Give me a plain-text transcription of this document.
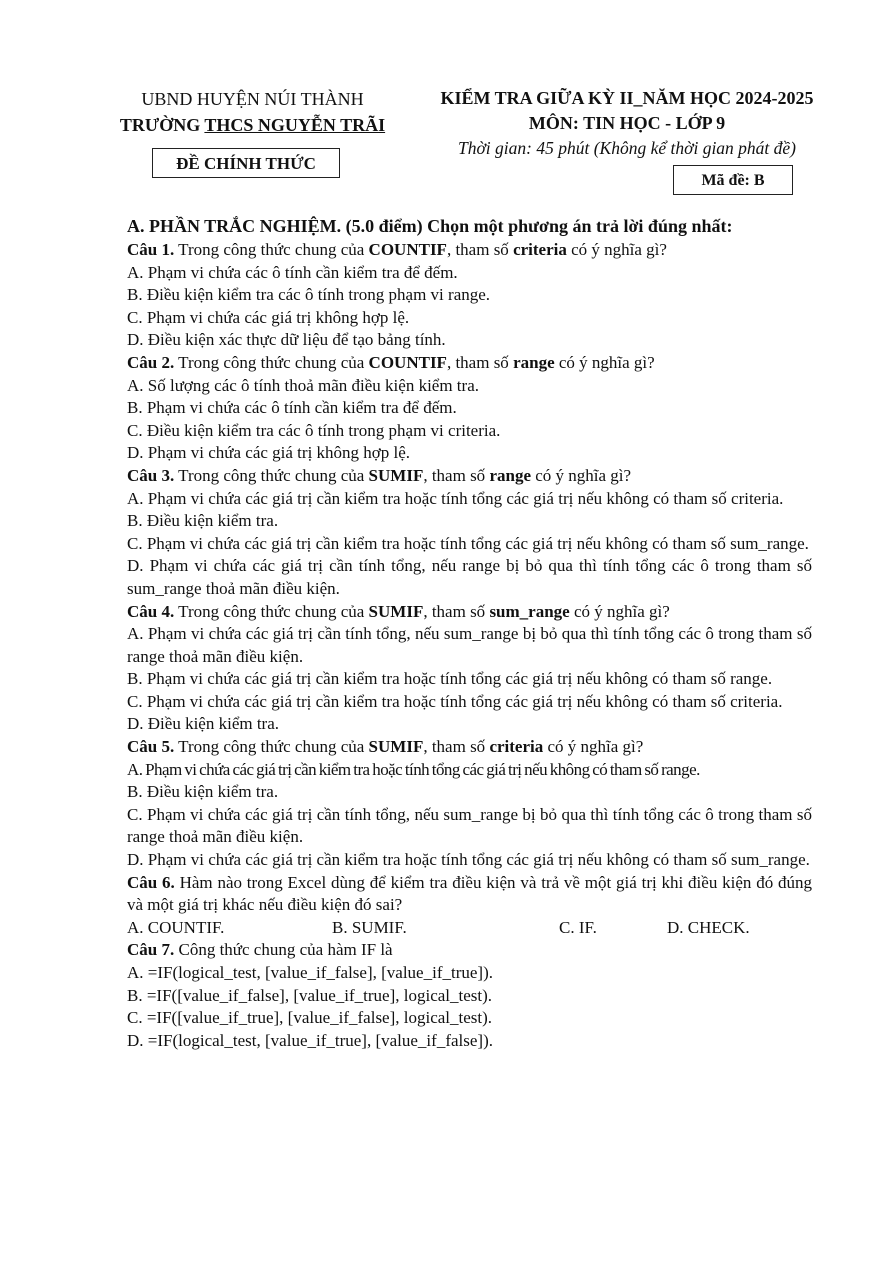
UBND HUYỆN NÚI THÀNH
TRƯỜNG THCS NGUYỄN TRÃI
ĐỀ CHÍNH THỨC
KIỂM TRA GIỮA KỲ II_NĂM HỌC 2024-2025
MÔN: TIN HỌC - LỚP 9
Thời gian: 45 phút (Không kể thời gian phát đề)
Mã đề: B
A. PHẦN TRẮC NGHIỆM. (5.0 điểm) Chọn một phương án trả lời đúng nhất:
Câu 1. Trong công thức chung của COUNTIF, tham số criteria có ý nghĩa gì?
A. Phạm vi chứa các ô tính cần kiểm tra để đếm.
B. Điều kiện kiểm tra các ô tính trong phạm vi range.
C. Phạm vi chứa các giá trị không hợp lệ.
D. Điều kiện xác thực dữ liệu để tạo bảng tính.
Câu 2. Trong công thức chung của COUNTIF, tham số range có ý nghĩa gì?
A. Số lượng các ô tính thoả mãn điều kiện kiểm tra.
B. Phạm vi chứa các ô tính cần kiểm tra để đếm.
C. Điều kiện kiểm tra các ô tính trong phạm vi criteria.
D. Phạm vi chứa các giá trị không hợp lệ.
Câu 3. Trong công thức chung của SUMIF, tham số range có ý nghĩa gì?
A. Phạm vi chứa các giá trị cần kiểm tra hoặc tính tổng các giá trị nếu không có tham số criteria.
B. Điều kiện kiểm tra.
C. Phạm vi chứa các giá trị cần kiểm tra hoặc tính tổng các giá trị nếu không có tham số sum_range.
D. Phạm vi chứa các giá trị cần tính tổng, nếu range bị bỏ qua thì tính tổng các ô trong tham số sum_range thoả mãn điều kiện.
Câu 4. Trong công thức chung của SUMIF, tham số sum_range có ý nghĩa gì?
A. Phạm vi chứa các giá trị cần tính tổng, nếu sum_range bị bỏ qua thì tính tổng các ô trong tham số range thoả mãn điều kiện.
B. Phạm vi chứa các giá trị cần kiểm tra hoặc tính tổng các giá trị nếu không có tham số range.
C. Phạm vi chứa các giá trị cần kiểm tra hoặc tính tổng các giá trị nếu không có tham số criteria.
D. Điều kiện kiểm tra.
Câu 5. Trong công thức chung của SUMIF, tham số criteria có ý nghĩa gì?
A. Phạm vi chứa các giá trị cần kiểm tra hoặc tính tổng các giá trị nếu không có tham số range.
B. Điều kiện kiểm tra.
C. Phạm vi chứa các giá trị cần tính tổng, nếu sum_range bị bỏ qua thì tính tổng các ô trong tham số range thoả mãn điều kiện.
D. Phạm vi chứa các giá trị cần kiểm tra hoặc tính tổng các giá trị nếu không có tham số sum_range.
Câu 6. Hàm nào trong Excel dùng để kiểm tra điều kiện và trả về một giá trị khi điều kiện đó đúng và một giá trị khác nếu điều kiện đó sai?
A. COUNTIF.	B. SUMIF.	C. IF.	D. CHECK.
Câu 7. Công thức chung của hàm IF là
A. =IF(logical_test, [value_if_false], [value_if_true]).
B. =IF([value_if_false], [value_if_true], logical_test).
C. =IF([value_if_true], [value_if_false], logical_test).
D. =IF(logical_test, [value_if_true], [value_if_false]).
